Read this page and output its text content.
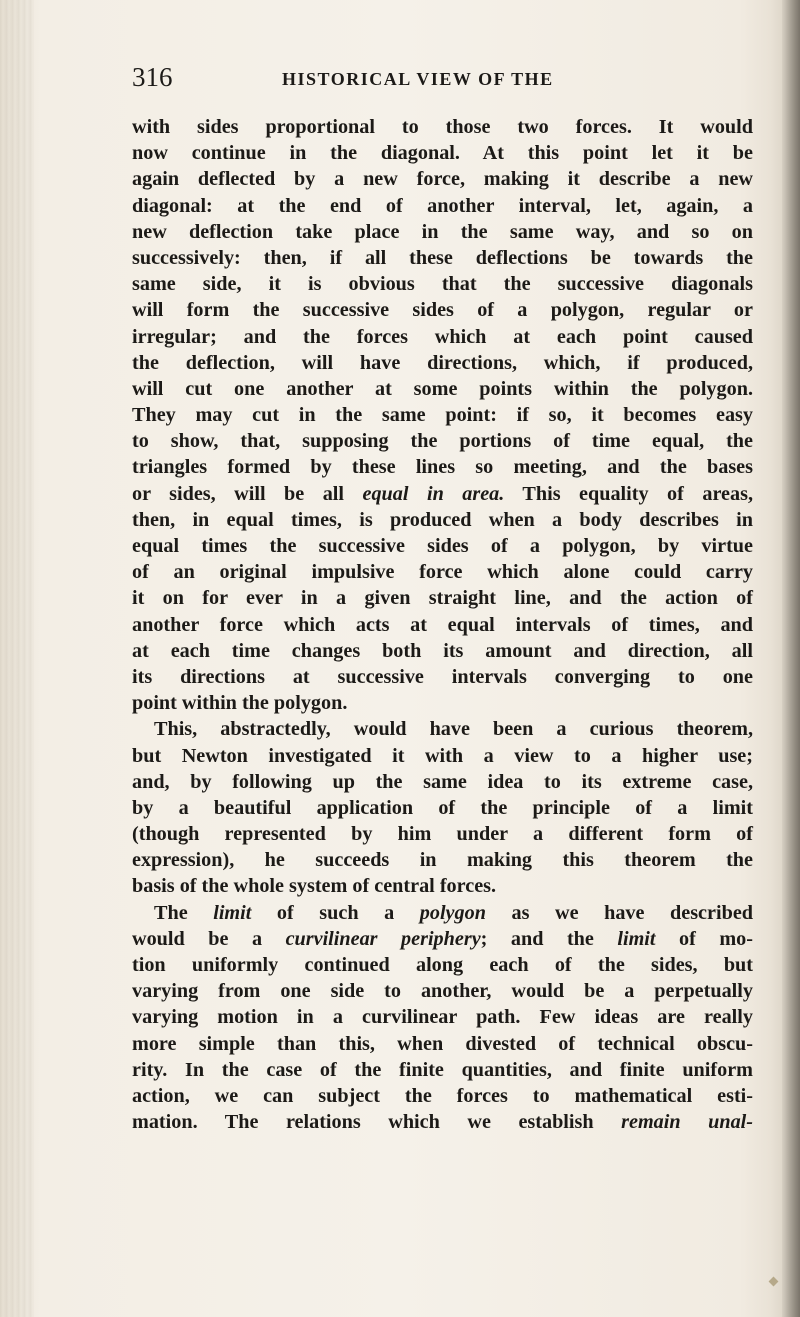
316	HISTORICAL VIEW OF THE
with sides proportional to those two forces. It would
now continue in the diagonal. At this point let it be
again deflected by a new force, making it describe a new
diagonal: at the end of another interval, let, again, a
new deflection take place in the same way, and so on
successively: then, if all these deflections be towards the
same side, it is obvious that the successive diagonals
will form the successive sides of a polygon, regular or
irregular; and the forces which at each point caused
the deflection, will have directions, which, if produced,
will cut one another at some points within the polygon.
They may cut in the same point: if so, it becomes easy
to show, that, supposing the portions of time equal, the
triangles formed by these lines so meeting, and the bases
or sides, will be all equal in area. This equality of areas,
then, in equal times, is produced when a body describes in
equal times the successive sides of a polygon, by virtue
of an original impulsive force which alone could carry
it on for ever in a given straight line, and the action of
another force which acts at equal intervals of times, and
at each time changes both its amount and direction, all
its directions at successive intervals converging to one
point within the polygon.
This, abstractedly, would have been a curious theorem,
but Newton investigated it with a view to a higher use;
and, by following up the same idea to its extreme case,
by a beautiful application of the principle of a limit
(though represented by him under a different form of
expression), he succeeds in making this theorem the
basis of the whole system of central forces.
The limit of such a polygon as we have described
would be a curvilinear periphery; and the limit of mo-
tion uniformly continued along each of the sides, but
varying from one side to another, would be a perpetually
varying motion in a curvilinear path. Few ideas are really
more simple than this, when divested of technical obscu-
rity. In the case of the finite quantities, and finite uniform
action, we can subject the forces to mathematical esti-
mation. The relations which we establish remain unal-
